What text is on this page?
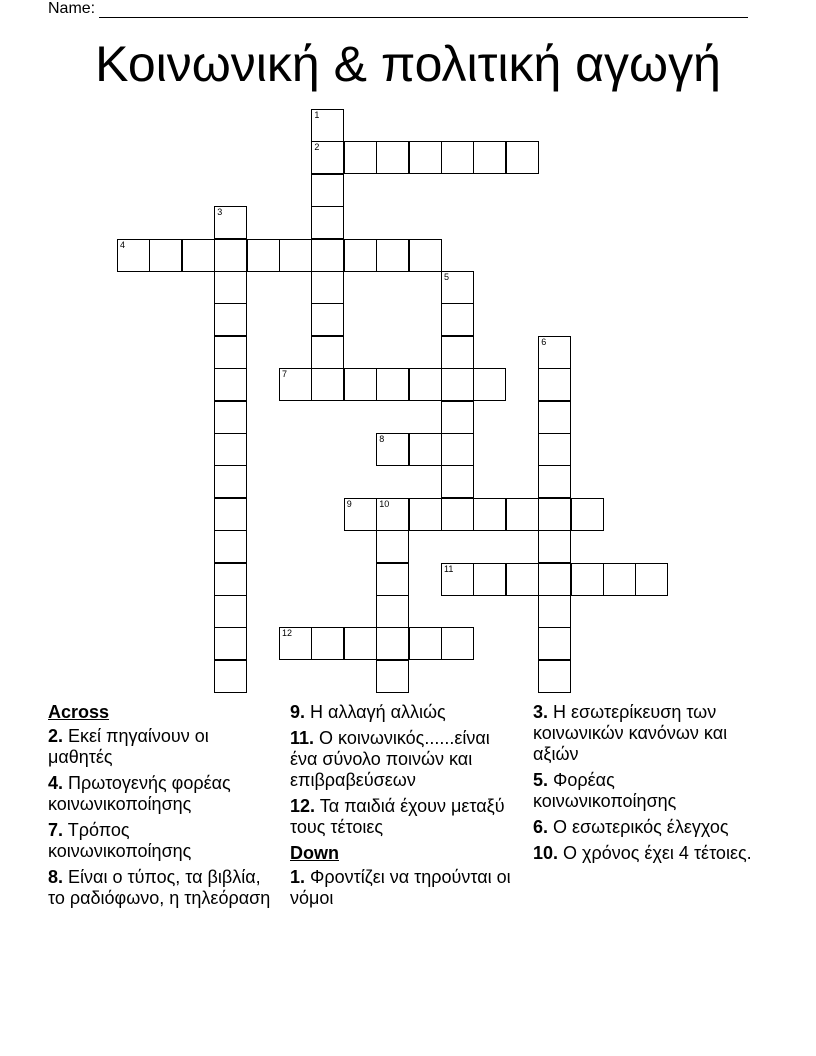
Name:
Κοινωνική & πολιτική αγωγή
1
2
3
4
5
6
7
8
9	10
11
12
Across
2. Εκεί πηγαίνουν οι μαθητές
4. Πρωτογενής φορέας κοινωνικοποίησης
7. Τρόπος κοινωνικοποίησης
8. Είναι ο τύπος, τα βιβλία, το ραδιόφωνο, η τηλεόραση
9. Η αλλαγή αλλιώς
11. Ο κοινωνικός......είναι ένα σύνολο ποινών και επιβραβεύσεων
12. Τα παιδιά έχουν μεταξύ τους τέτοιες
Down
1. Φροντίζει να τηρούνται οι νόμοι
3. Η εσωτερίκευση των κοινωνικών κανόνων και αξιών
5. Φορέας κοινωνικοποίησης
6. Ο εσωτερικός έλεγχος
10. Ο χρόνος έχει 4 τέτοιες.
